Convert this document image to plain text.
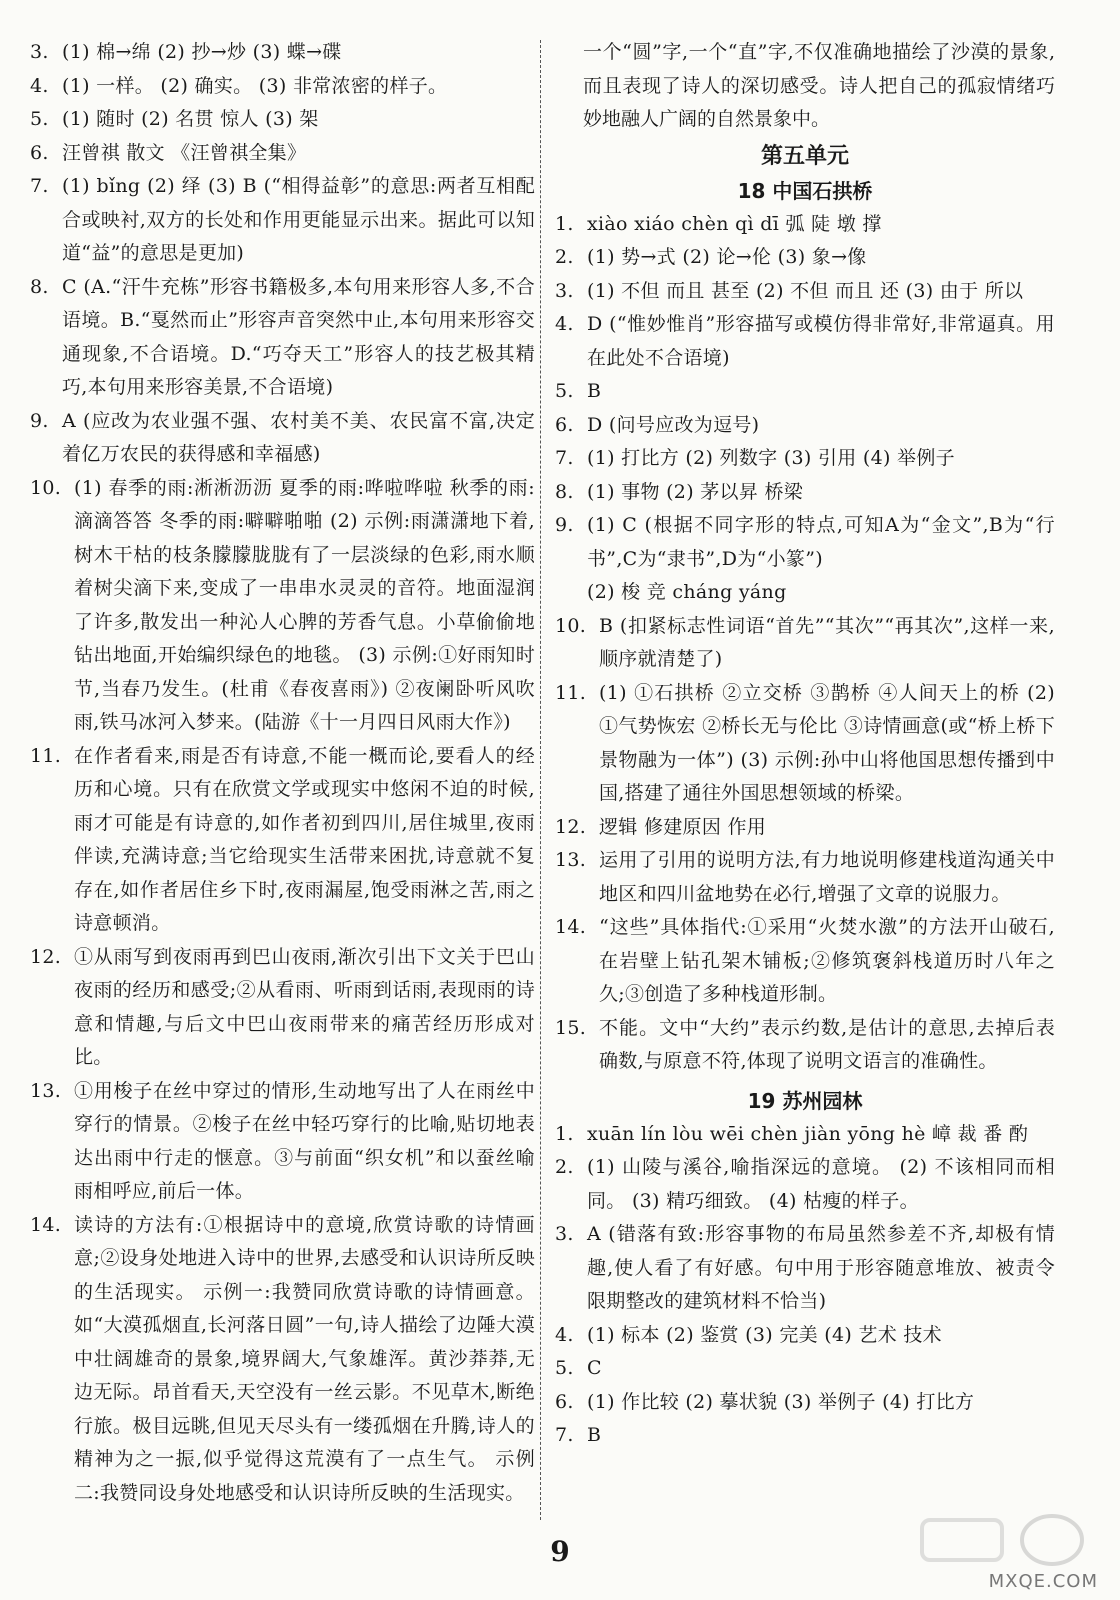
3. (1) 棉→绵 (2) 抄→炒 (3) 蝶→碟
4. (1) 一样。 (2) 确实。 (3) 非常浓密的样子。
5. (1) 随时 (2) 名贯 惊人 (3) 架
6. 汪曾祺 散文 《汪曾祺全集》
7. (1) bǐng (2) 绎 (3) B (“相得益彰”的意思:两者互相配合或映衬,双方的长处和作用更能显示出来。据此可以知道“益”的意思是更加)
8. C (A.“汗牛充栋”形容书籍极多,本句用来形容人多,不合语境。B.“戛然而止”形容声音突然中止,本句用来形容交通现象,不合语境。D.“巧夺天工”形容人的技艺极其精巧,本句用来形容美景,不合语境)
9. A (应改为农业强不强、农村美不美、农民富不富,决定着亿万农民的获得感和幸福感)
10. (1) 春季的雨:淅淅沥沥 夏季的雨:哗啦哗啦 秋季的雨:滴滴答答 冬季的雨:噼噼啪啪 (2) 示例:雨潇潇地下着,树木干枯的枝条朦朦胧胧有了一层淡绿的色彩,雨水顺着树尖滴下来,变成了一串串水灵灵的音符。地面湿润了许多,散发出一种沁人心脾的芳香气息。小草偷偷地钻出地面,开始编织绿色的地毯。 (3) 示例:①好雨知时节,当春乃发生。(杜甫《春夜喜雨》) ②夜阑卧听风吹雨,铁马冰河入梦来。(陆游《十一月四日风雨大作》)
11. 在作者看来,雨是否有诗意,不能一概而论,要看人的经历和心境。只有在欣赏文学或现实中悠闲不迫的时候,雨才可能是有诗意的,如作者初到四川,居住城里,夜雨伴读,充满诗意;当它给现实生活带来困扰,诗意就不复存在,如作者居住乡下时,夜雨漏屋,饱受雨淋之苦,雨之诗意顿消。
12. ①从雨写到夜雨再到巴山夜雨,渐次引出下文关于巴山夜雨的经历和感受;②从看雨、听雨到话雨,表现雨的诗意和情趣,与后文中巴山夜雨带来的痛苦经历形成对比。
13. ①用梭子在丝中穿过的情形,生动地写出了人在雨丝中穿行的情景。②梭子在丝中轻巧穿行的比喻,贴切地表达出雨中行走的惬意。③与前面“织女机”和以蚕丝喻雨相呼应,前后一体。
14. 读诗的方法有:①根据诗中的意境,欣赏诗歌的诗情画意;②设身处地进入诗中的世界,去感受和认识诗所反映的生活现实。 示例一:我赞同欣赏诗歌的诗情画意。如“大漠孤烟直,长河落日圆”一句,诗人描绘了边陲大漠中壮阔雄奇的景象,境界阔大,气象雄浑。黄沙莽莽,无边无际。昂首看天,天空没有一丝云影。不见草木,断绝行旅。极目远眺,但见天尽头有一缕孤烟在升腾,诗人的精神为之一振,似乎觉得这荒漠有了一点生气。 示例二:我赞同设身处地感受和认识诗所反映的生活现实。
一个“圆”字,一个“直”字,不仅准确地描绘了沙漠的景象,而且表现了诗人的深切感受。诗人把自己的孤寂情绪巧妙地融人广阔的自然景象中。
第五单元
18 中国石拱桥
1. xiào xiáo chèn qì dī 弧 陡 墩 撑
2. (1) 势→式 (2) 论→伦 (3) 象→像
3. (1) 不但 而且 甚至 (2) 不但 而且 还 (3) 由于 所以
4. D (“惟妙惟肖”形容描写或模仿得非常好,非常逼真。用在此处不合语境)
5. B
6. D (问号应改为逗号)
7. (1) 打比方 (2) 列数字 (3) 引用 (4) 举例子
8. (1) 事物 (2) 茅以昇 桥梁
9. (1) C (根据不同字形的特点,可知A为“金文”,B为“行书”,C为“隶书”,D为“小篆”)
(2) 梭 竞 cháng yáng
10. B (扣紧标志性词语“首先”“其次”“再其次”,这样一来,顺序就清楚了)
11. (1) ①石拱桥 ②立交桥 ③鹊桥 ④人间天上的桥 (2) ①气势恢宏 ②桥长无与伦比 ③诗情画意(或“桥上桥下景物融为一体”) (3) 示例:孙中山将他国思想传播到中国,搭建了通往外国思想领域的桥梁。
12. 逻辑 修建原因 作用
13. 运用了引用的说明方法,有力地说明修建栈道沟通关中地区和四川盆地势在必行,增强了文章的说服力。
14. “这些”具体指代:①采用“火焚水激”的方法开山破石,在岩壁上钻孔架木铺板;②修筑褒斜栈道历时八年之久;③创造了多种栈道形制。
15. 不能。文中“大约”表示约数,是估计的意思,去掉后表确数,与原意不符,体现了说明文语言的准确性。
19 苏州园林
1. xuān lín lòu wēi chèn jiàn yōng hè 嶂 裁 番 酌
2. (1) 山陵与溪谷,喻指深远的意境。 (2) 不该相同而相同。 (3) 精巧细致。 (4) 枯瘦的样子。
3. A (错落有致:形容事物的布局虽然参差不齐,却极有情趣,使人看了有好感。句中用于形容随意堆放、被责令限期整改的建筑材料不恰当)
4. (1) 标本 (2) 鉴赏 (3) 完美 (4) 艺术 技术
5. C
6. (1) 作比较 (2) 摹状貌 (3) 举例子 (4) 打比方
7. B
9
MXQE.COM
